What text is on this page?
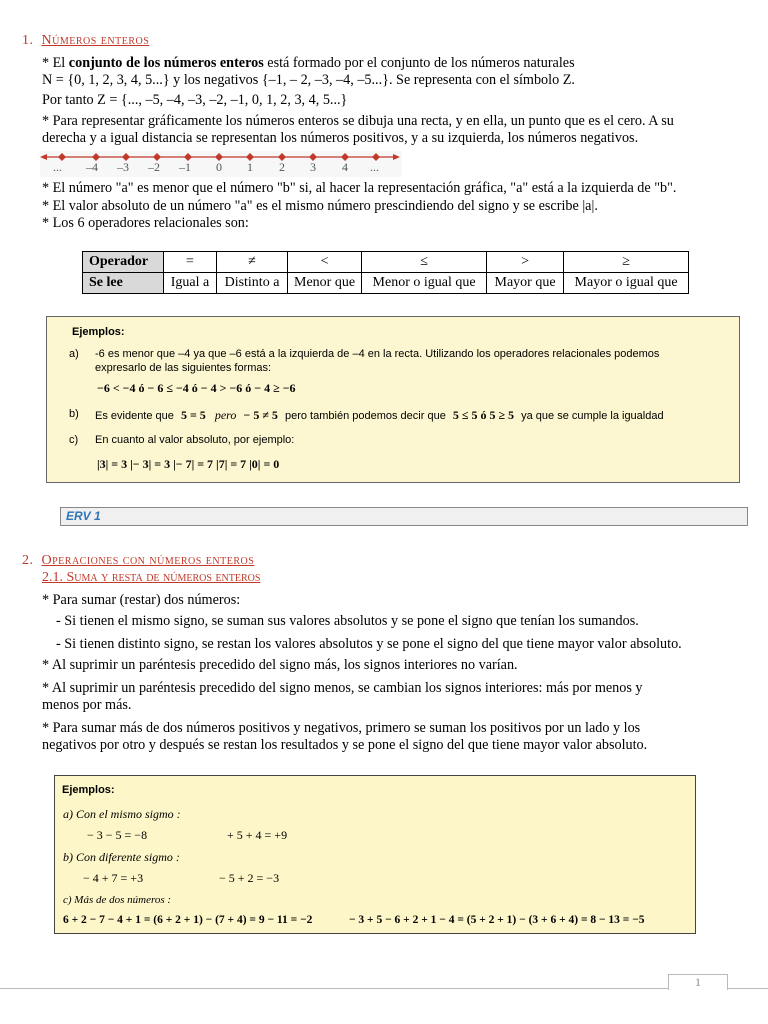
1. Números enteros
* El conjunto de los números enteros está formado por el conjunto de los números naturales
N = {0, 1, 2, 3, 4, 5...} y los negativos {–1, – 2, –3, –4, –5...}. Se representa con el símbolo Z.
Por tanto Z = {..., –5, –4, –3, –2, –1, 0, 1, 2, 3, 4, 5...}
* Para representar gráficamente los números enteros se dibuja una recta, y en ella, un punto que es el cero. A su
derecha y a igual distancia se representan los números positivos, y a su izquierda, los números negativos.
... –4 –3 –2 –1 0 1 2 3 4 ...
* El número "a" es menor que el número "b" si, al hacer la representación gráfica, "a" está a la izquierda de "b".
* El valor absoluto de un número "a" es el mismo número prescindiendo del signo y se escribe |a|.
* Los 6 operadores relacionales son:
Operador	=	≠	<	≤	>	≥
Se lee	Igual a	Distinto a	Menor que	Menor o igual que	Mayor que	Mayor o igual que
Ejemplos:
a) -6 es menor que –4 ya que –6 está a la izquierda de –4 en la recta. Utilizando los operadores relacionales podemos
expresarlo de las siguientes formas:
−6 < −4 ó − 6 ≤ −4 ó − 4 > −6 ó − 4 ≥ −6
b) Es evidente que 5 = 5 pero − 5 ≠ 5 pero también podemos decir que 5 ≤ 5 ó 5 ≥ 5 ya que se cumple la igualdad
c) En cuanto al valor absoluto, por ejemplo:
|3| = 3 |− 3| = 3 |− 7| = 7 |7| = 7 |0| = 0
ERV 1
2. Operaciones con números enteros
2.1. Suma y resta de números enteros
* Para sumar (restar) dos números:
- Si tienen el mismo signo, se suman sus valores absolutos y se pone el signo que tenían los sumandos.
- Si tienen distinto signo, se restan los valores absolutos y se pone el signo del que tiene mayor valor absoluto.
* Al suprimir un paréntesis precedido del signo más, los signos interiores no varían.
* Al suprimir un paréntesis precedido del signo menos, se cambian los signos interiores: más por menos y
menos por más.
* Para sumar más de dos números positivos y negativos, primero se suman los positivos por un lado y los
negativos por otro y después se restan los resultados y se pone el signo del que tiene mayor valor absoluto.
Ejemplos:
a) Con el mismo sigmo :
− 3 − 5 = −8	+ 5 + 4 = +9
b) Con diferente sigmo :
− 4 + 7 = +3	− 5 + 2 = −3
c) Más de dos números :
6 + 2 − 7 − 4 + 1 = (6 + 2 + 1) − (7 + 4) = 9 − 11 = −2	− 3 + 5 − 6 + 2 + 1 − 4 = (5 + 2 + 1) − (3 + 6 + 4) = 8 − 13 = −5
1
